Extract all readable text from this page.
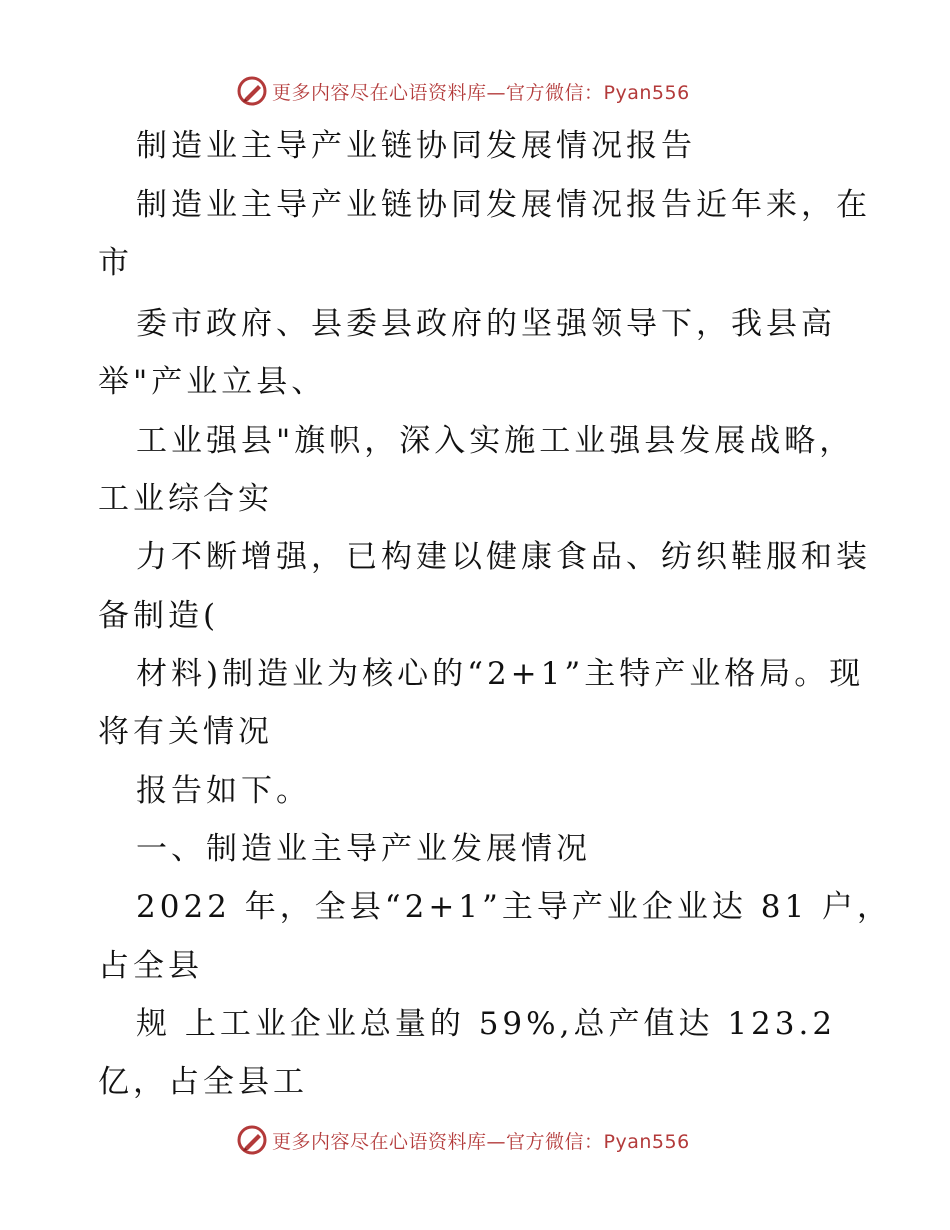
更多内容尽在心语资料库—官方微信：Pyan556
制造业主导产业链协同发展情况报告
制造业主导产业链协同发展情况报告近年来，在
市
委市政府、县委县政府的坚强领导下，我县高
举"产业立县、
工业强县"旗帜，深入实施工业强县发展战略，
工业综合实
力不断增强，已构建以健康食品、纺织鞋服和装
备制造(
材料)制造业为核心的“2+1”主特产业格局。现
将有关情况
报告如下。
一、制造业主导产业发展情况
2022 年，全县“2+1”主导产业企业达 81 户，
占全县
规 上工业企业总量的 59%,总产值达 123.2
亿，占全县工
更多内容尽在心语资料库—官方微信：Pyan556
